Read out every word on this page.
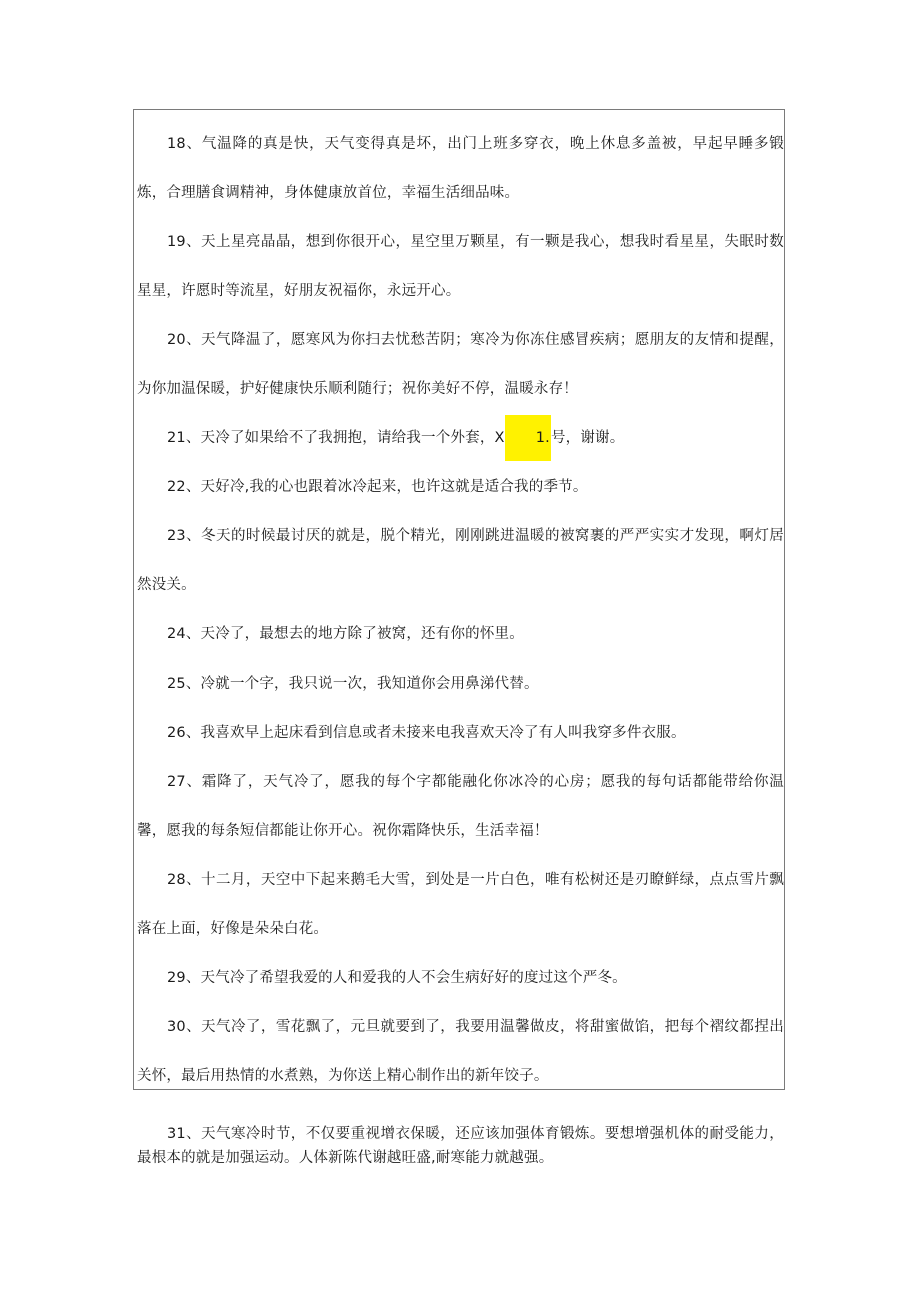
18、气温降的真是快，天气变得真是坏，出门上班多穿衣，晚上休息多盖被，早起早睡多锻炼，合理膳食调精神，身体健康放首位，幸福生活细品味。
19、天上星亮晶晶，想到你很开心，星空里万颗星，有一颗是我心，想我时看星星，失眠时数星星，许愿时等流星，好朋友祝福你，永远开心。
20、天气降温了，愿寒风为你扫去忧愁苦阴；寒冷为你冻住感冒疾病；愿朋友的友情和提醒，为你加温保暖，护好健康快乐顺利随行；祝你美好不停，温暖永存！
21、天冷了如果给不了我拥抱，请给我一个外套，X 1.号，谢谢。
22、天好冷,我的心也跟着冰冷起来，也许这就是适合我的季节。
23、冬天的时候最讨厌的就是，脱个精光，刚刚跳进温暖的被窝裹的严严实实才发现，啊灯居然没关。
24、天冷了，最想去的地方除了被窝，还有你的怀里。
25、冷就一个字，我只说一次，我知道你会用鼻涕代替。
26、我喜欢早上起床看到信息或者未接来电我喜欢天冷了有人叫我穿多件衣服。
27、霜降了，天气冷了，愿我的每个字都能融化你冰冷的心房；愿我的每句话都能带给你温馨，愿我的每条短信都能让你开心。祝你霜降快乐，生活幸福！
28、十二月，天空中下起来鹅毛大雪，到处是一片白色，唯有松树还是刃瞭鲜绿，点点雪片飘落在上面，好像是朵朵白花。
29、天气冷了希望我爱的人和爱我的人不会生病好好的度过这个严冬。
30、天气冷了，雪花飘了，元旦就要到了，我要用温馨做皮，将甜蜜做馅，把每个褶纹都捏出关怀，最后用热情的水煮熟，为你送上精心制作出的新年饺子。
31、天气寒冷时节，不仅要重视增衣保暖，还应该加强体育锻炼。要想增强机体的耐受能力，最根本的就是加强运动。人体新陈代谢越旺盛,耐寒能力就越强。
